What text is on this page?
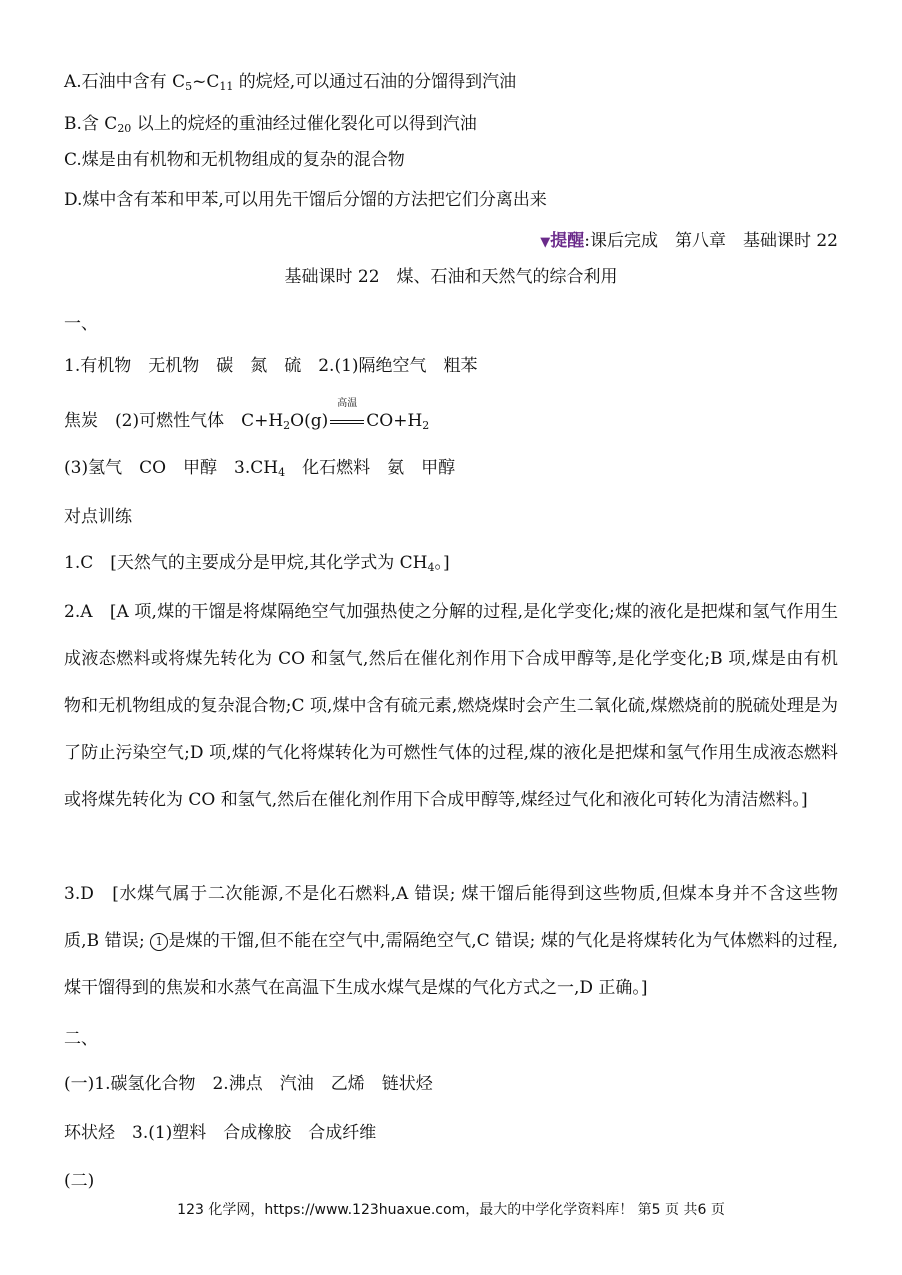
A.石油中含有 $C_5\sim C_{11}$ 的烷烃,可以通过石油的分馏得到汽油
B.含 $C_{20}$ 以上的烷烃的重油经过催化裂化可以得到汽油
C.煤是由有机物和无机物组成的复杂的混合物
D.煤中含有苯和甲苯,可以用先干馏后分馏的方法把它们分离出来
▼提醒:课后完成　第八章　基础课时 22
基础课时 22　煤、石油和天然气的综合利用
一、
1.有机物　无机物　碳　氮　硫　2.(1)隔绝空气　粗苯
焦炭　(2)可燃性气体　$C+H_2O(g)$
高温
$CO+H_2$
(3)氢气　CO　甲醇　$3.CH_4$　化石燃料　氨　甲醇
对点训练
1.C　[天然气的主要成分是甲烷,其化学式为 $CH_4$。]
2.A　[A 项,煤的干馏是将煤隔绝空气加强热使之分解的过程,是化学变化;煤的液化是把煤和氢气作用生成液态燃料或将煤先转化为 CO 和氢气,然后在催化剂作用下合成甲醇等,是化学变化;B 项,煤是由有机物和无机物组成的复杂混合物;C 项,煤中含有硫元素,燃烧煤时会产生二氧化硫,煤燃烧前的脱硫处理是为了防止污染空气;D 项,煤的气化将煤转化为可燃性气体的过程,煤的液化是把煤和氢气作用生成液态燃料或将煤先转化为 CO 和氢气,然后在催化剂作用下合成甲醇等,煤经过气化和液化可转化为清洁燃料。]
3.D　[水煤气属于二次能源,不是化石燃料,A 错误; 煤干馏后能得到这些物质,但煤本身并不含这些物质,B 错误; 1 是煤的干馏,但不能在空气中,需隔绝空气,C 错误; 煤的气化是将煤转化为气体燃料的过程,煤干馏得到的焦炭和水蒸气在高温下生成水煤气是煤的气化方式之一,D 正确。]
二、
(一)1.碳氢化合物　2.沸点　汽油　乙烯　链状烃
环状烃　3.(1)塑料　合成橡胶　合成纤维
(二)
123 化学网，https://www.123huaxue.com，最大的中学化学资料库！ 第5 页 共6 页
